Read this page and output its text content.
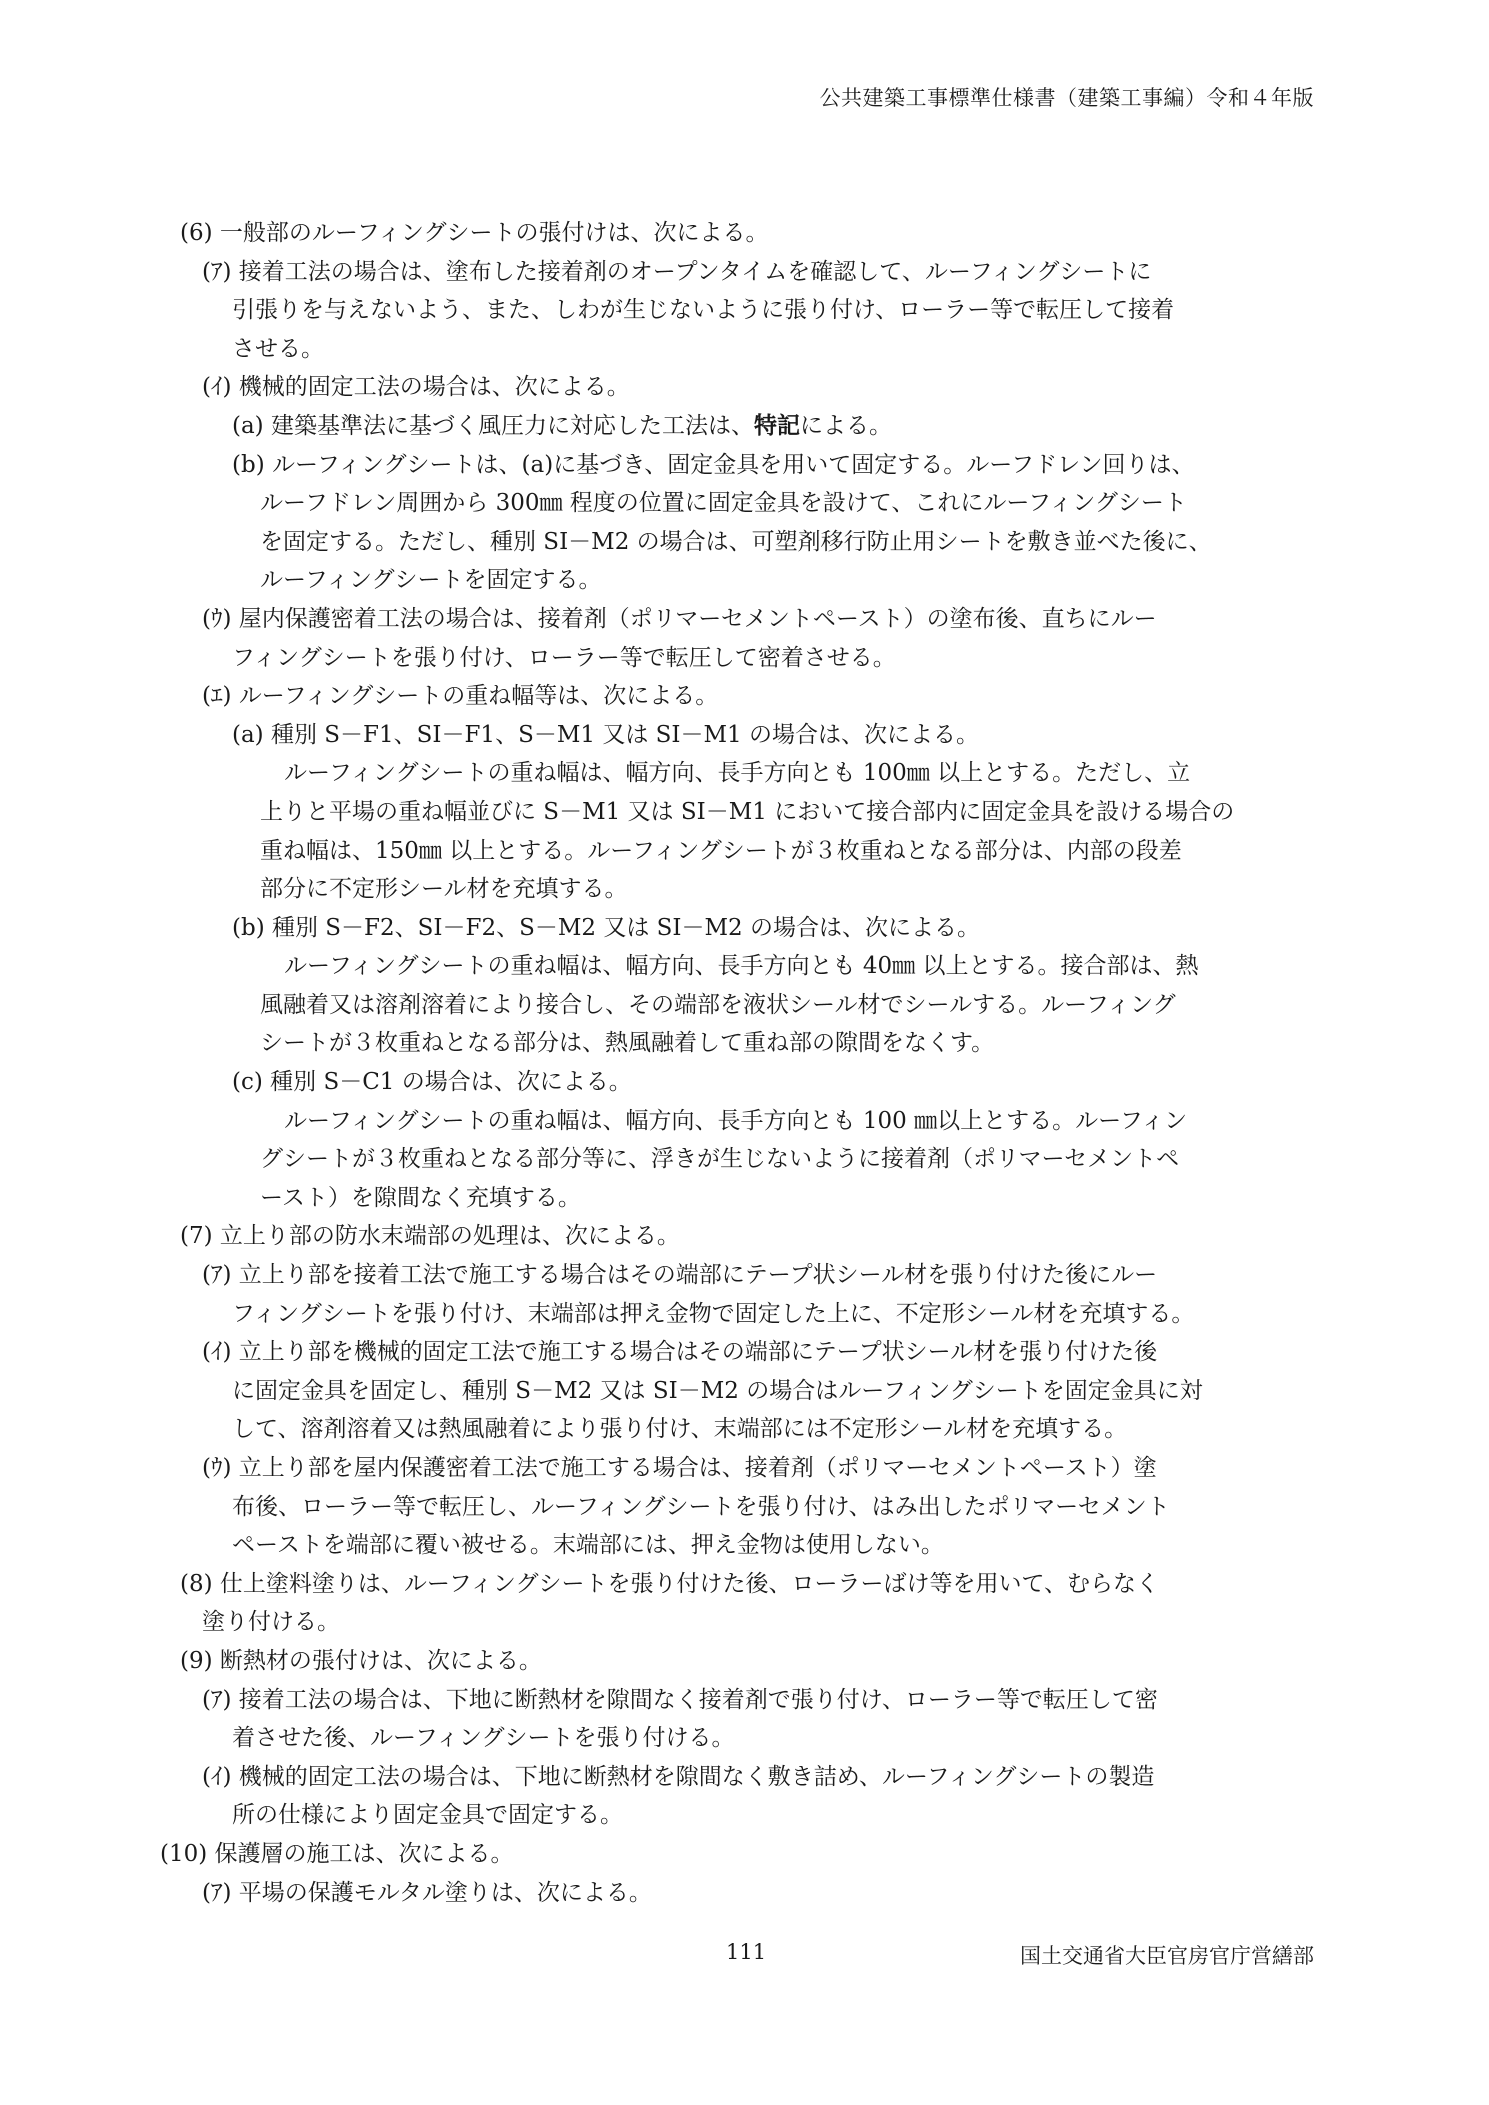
公共建築工事標準仕様書（建築工事編）令和４年版
(6) 一般部のルーフィングシートの張付けは、次による。
(ｱ) 接着工法の場合は、塗布した接着剤のオープンタイムを確認して、ルーフィングシートに
引張りを与えないよう、また、しわが生じないように張り付け、ローラー等で転圧して接着
させる。
(ｲ) 機械的固定工法の場合は、次による。
(a) 建築基準法に基づく風圧力に対応した工法は、特記による。
(b) ルーフィングシートは、(a)に基づき、固定金具を用いて固定する。ルーフドレン回りは、
ルーフドレン周囲から 300㎜ 程度の位置に固定金具を設けて、これにルーフィングシート
を固定する。ただし、種別 SI－M2 の場合は、可塑剤移行防止用シートを敷き並べた後に、
ルーフィングシートを固定する。
(ｳ) 屋内保護密着工法の場合は、接着剤（ポリマーセメントペースト）の塗布後、直ちにルー
フィングシートを張り付け、ローラー等で転圧して密着させる。
(ｴ) ルーフィングシートの重ね幅等は、次による。
(a) 種別 S－F1、SI－F1、S－M1 又は SI－M1 の場合は、次による。
ルーフィングシートの重ね幅は、幅方向、長手方向とも 100㎜ 以上とする。ただし、立
上りと平場の重ね幅並びに S－M1 又は SI－M1 において接合部内に固定金具を設ける場合の
重ね幅は、150㎜ 以上とする。ルーフィングシートが３枚重ねとなる部分は、内部の段差
部分に不定形シール材を充填する。
(b) 種別 S－F2、SI－F2、S－M2 又は SI－M2 の場合は、次による。
ルーフィングシートの重ね幅は、幅方向、長手方向とも 40㎜ 以上とする。接合部は、熱
風融着又は溶剤溶着により接合し、その端部を液状シール材でシールする。ルーフィング
シートが３枚重ねとなる部分は、熱風融着して重ね部の隙間をなくす。
(c) 種別 S－C1 の場合は、次による。
ルーフィングシートの重ね幅は、幅方向、長手方向とも 100 ㎜以上とする。ルーフィン
グシートが３枚重ねとなる部分等に、浮きが生じないように接着剤（ポリマーセメントペ
ースト）を隙間なく充填する。
(7) 立上り部の防水末端部の処理は、次による。
(ｱ) 立上り部を接着工法で施工する場合はその端部にテープ状シール材を張り付けた後にルー
フィングシートを張り付け、末端部は押え金物で固定した上に、不定形シール材を充填する。
(ｲ) 立上り部を機械的固定工法で施工する場合はその端部にテープ状シール材を張り付けた後
に固定金具を固定し、種別 S－M2 又は SI－M2 の場合はルーフィングシートを固定金具に対
して、溶剤溶着又は熱風融着により張り付け、末端部には不定形シール材を充填する。
(ｳ) 立上り部を屋内保護密着工法で施工する場合は、接着剤（ポリマーセメントペースト）塗
布後、ローラー等で転圧し、ルーフィングシートを張り付け、はみ出したポリマーセメント
ペーストを端部に覆い被せる。末端部には、押え金物は使用しない。
(8) 仕上塗料塗りは、ルーフィングシートを張り付けた後、ローラーばけ等を用いて、むらなく
塗り付ける。
(9) 断熱材の張付けは、次による。
(ｱ) 接着工法の場合は、下地に断熱材を隙間なく接着剤で張り付け、ローラー等で転圧して密
着させた後、ルーフィングシートを張り付ける。
(ｲ) 機械的固定工法の場合は、下地に断熱材を隙間なく敷き詰め、ルーフィングシートの製造
所の仕様により固定金具で固定する。
(10) 保護層の施工は、次による。
(ｱ) 平場の保護モルタル塗りは、次による。
111	国土交通省大臣官房官庁営繕部
